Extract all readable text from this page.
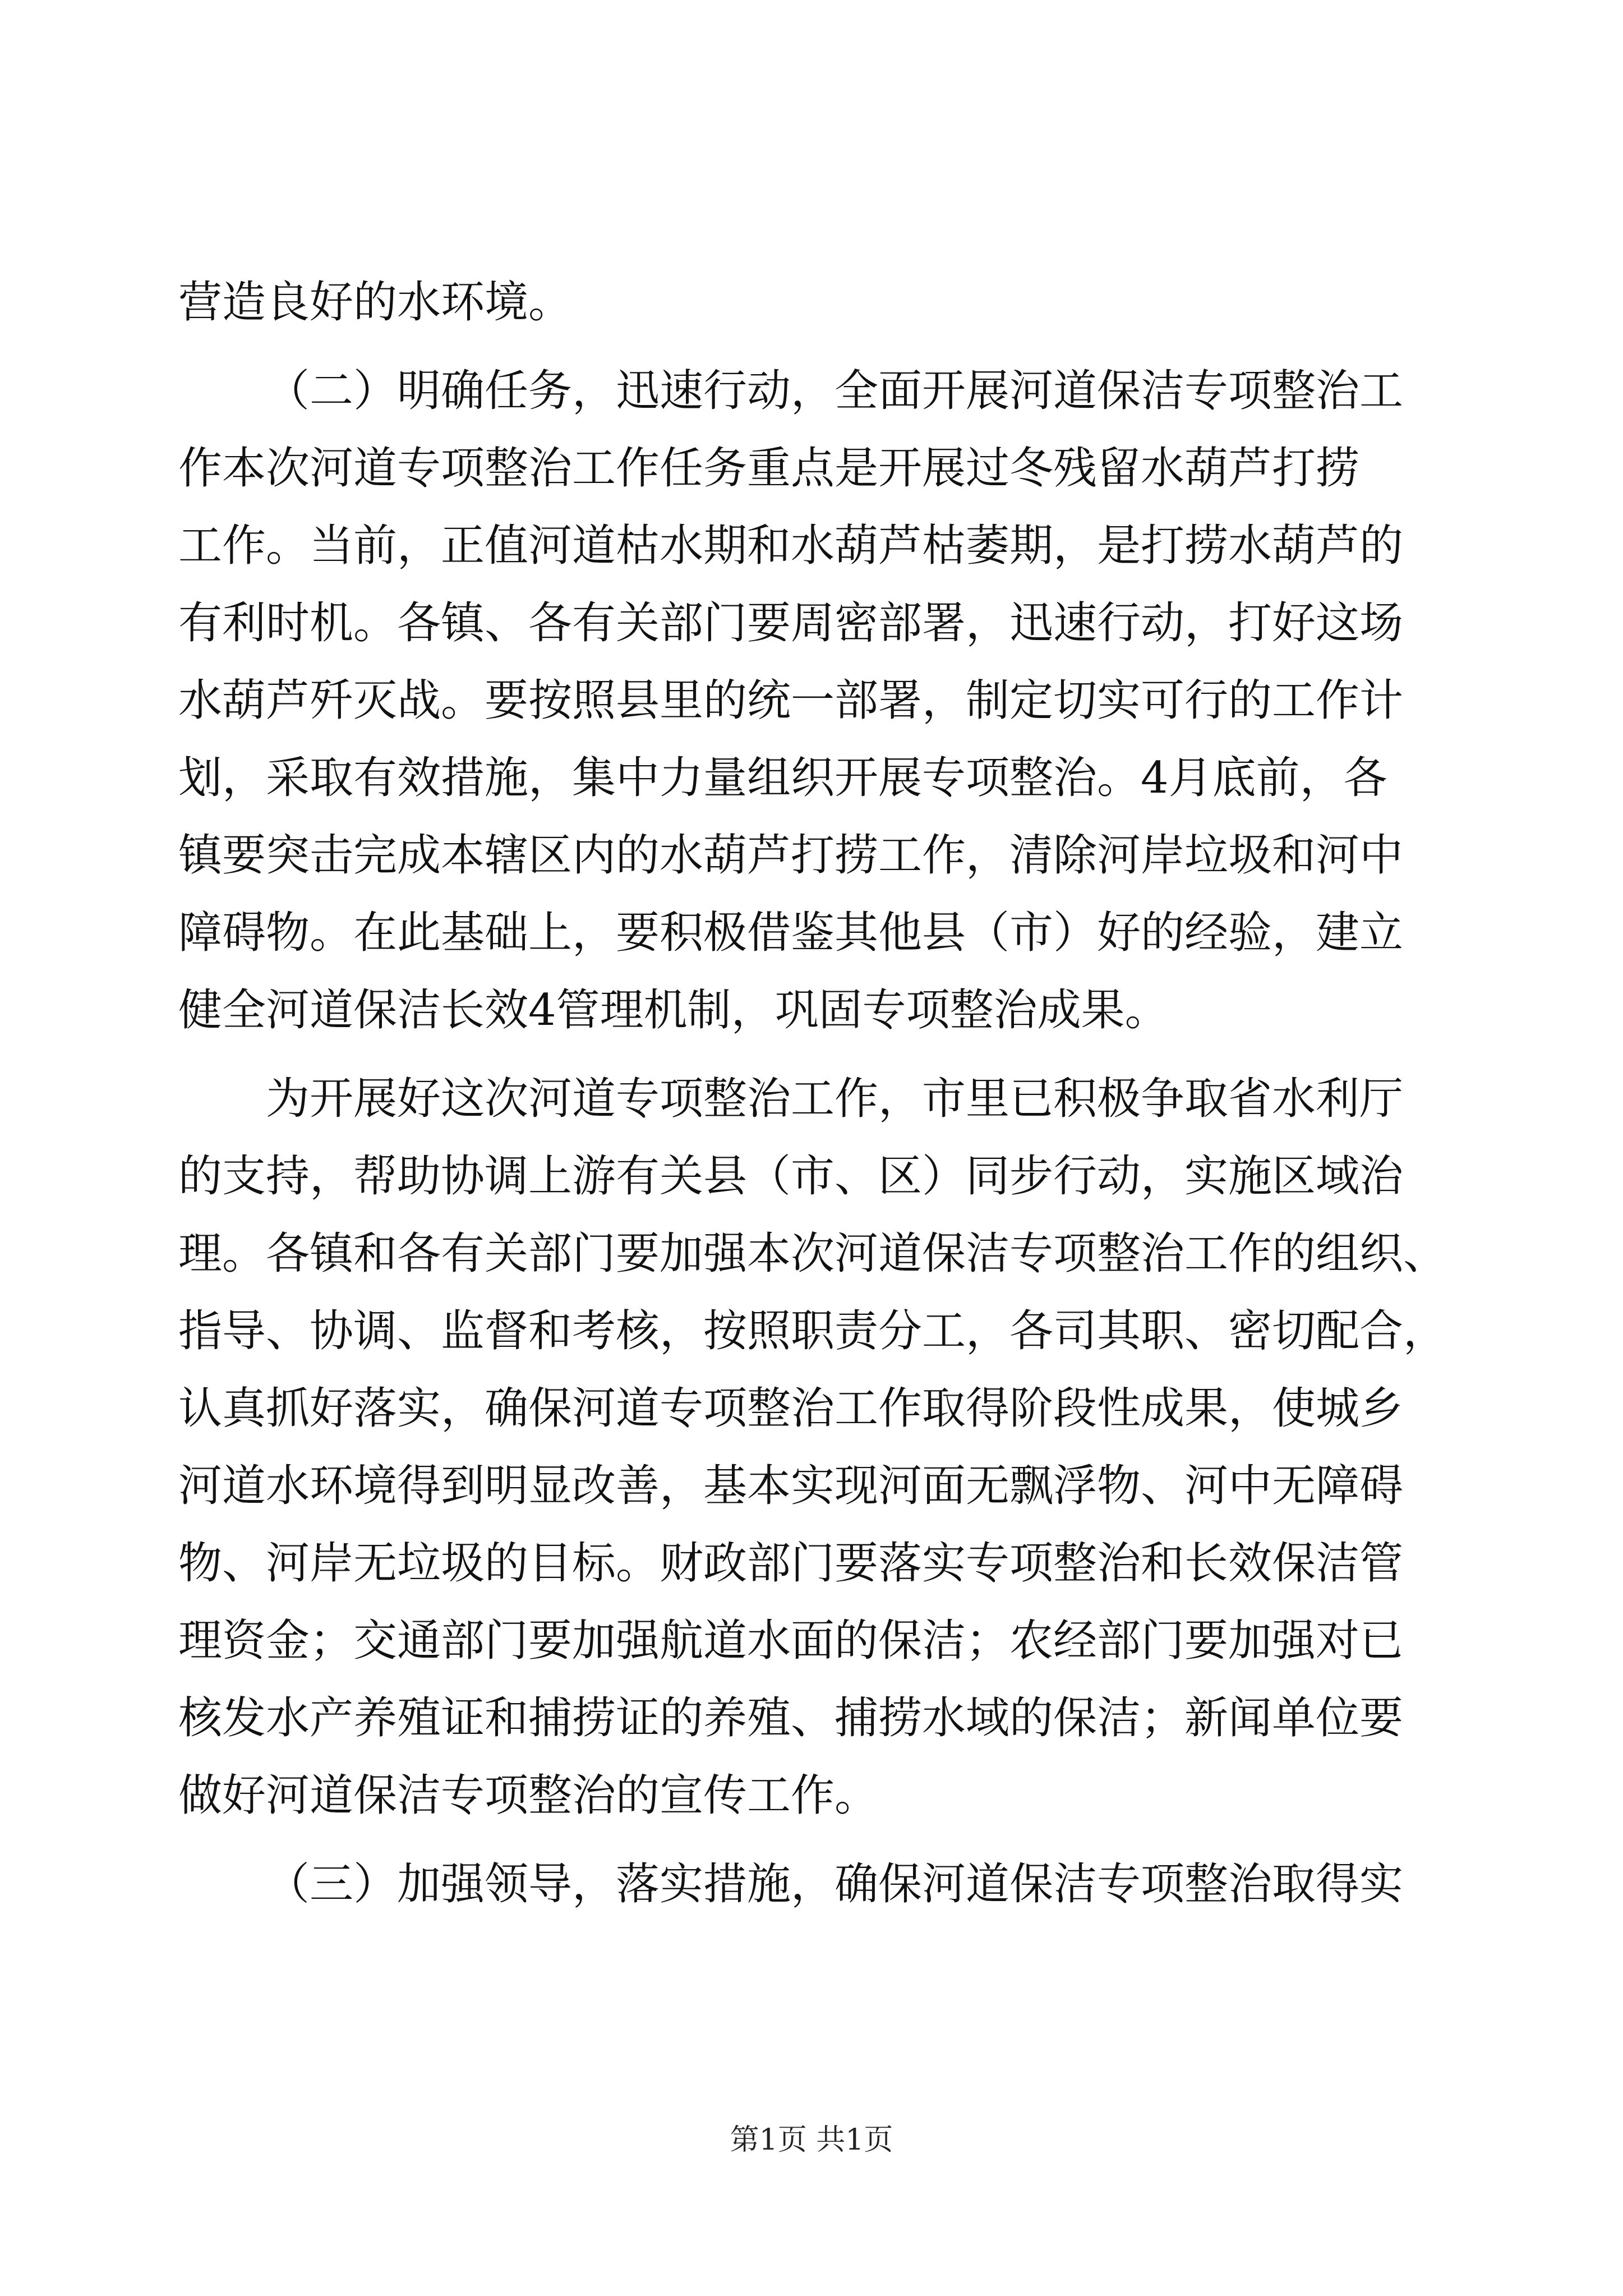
营造良好的水环境。
（二）明确任务，迅速行动，全面开展河道保洁专项整治工
作本次河道专项整治工作任务重点是开展过冬残留水葫芦打捞
工作。当前，正值河道枯水期和水葫芦枯萎期，是打捞水葫芦的
有利时机。各镇、各有关部门要周密部署，迅速行动，打好这场
水葫芦歼灭战。要按照县里的统一部署，制定切实可行的工作计
划，采取有效措施，集中力量组织开展专项整治。4月底前，各
镇要突击完成本辖区内的水葫芦打捞工作，清除河岸垃圾和河中
障碍物。在此基础上，要积极借鉴其他县（市）好的经验，建立
健全河道保洁长效4管理机制，巩固专项整治成果。
为开展好这次河道专项整治工作，市里已积极争取省水利厅
的支持，帮助协调上游有关县（市、区）同步行动，实施区域治
理。各镇和各有关部门要加强本次河道保洁专项整治工作的组织、
指导、协调、监督和考核，按照职责分工，各司其职、密切配合，
认真抓好落实，确保河道专项整治工作取得阶段性成果，使城乡
河道水环境得到明显改善，基本实现河面无飘浮物、河中无障碍
物、河岸无垃圾的目标。财政部门要落实专项整治和长效保洁管
理资金；交通部门要加强航道水面的保洁；农经部门要加强对已
核发水产养殖证和捕捞证的养殖、捕捞水域的保洁；新闻单位要
做好河道保洁专项整治的宣传工作。
（三）加强领导，落实措施，确保河道保洁专项整治取得实
第1页 共1页
